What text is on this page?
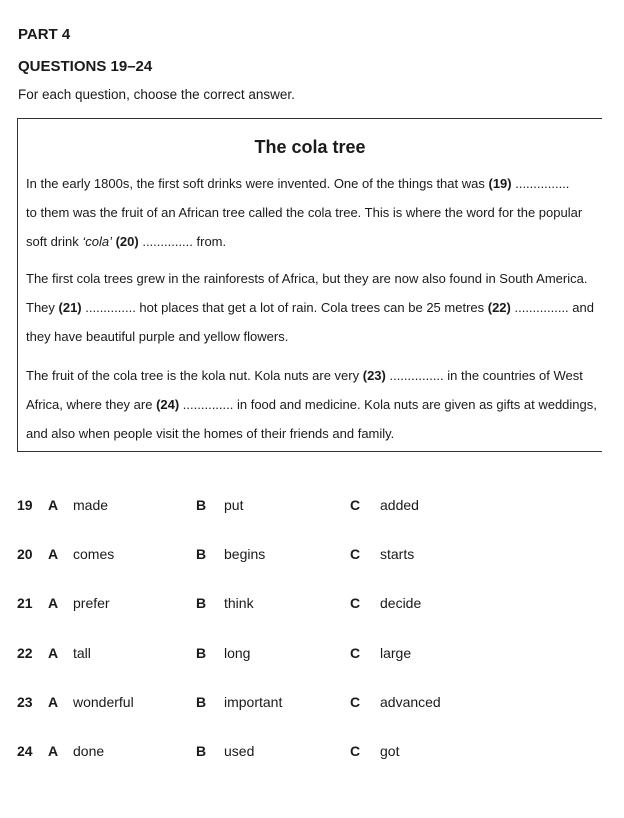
PART 4
QUESTIONS 19–24
For each question, choose the correct answer.
The cola tree
In the early 1800s, the first soft drinks were invented. One of the things that was (19) ...............
to them was the fruit of an African tree called the cola tree. This is where the word for the popular
soft drink ‘cola’ (20) .............. from.
The first cola trees grew in the rainforests of Africa, but they are now also found in South America.
They (21) .............. hot places that get a lot of rain. Cola trees can be 25 metres (22) ............... and
they have beautiful purple and yellow flowers.
The fruit of the cola tree is the kola nut. Kola nuts are very (23) ............... in the countries of West
Africa, where they are (24) .............. in food and medicine. Kola nuts are given as gifts at weddings,
and also when people visit the homes of their friends and family.
19 A made	B put	C added
20 A comes	B begins	C starts
21 A prefer	B think	C decide
22 A tall	B long	C large
23 A wonderful	B important	C advanced
24 A done	B used	C got
